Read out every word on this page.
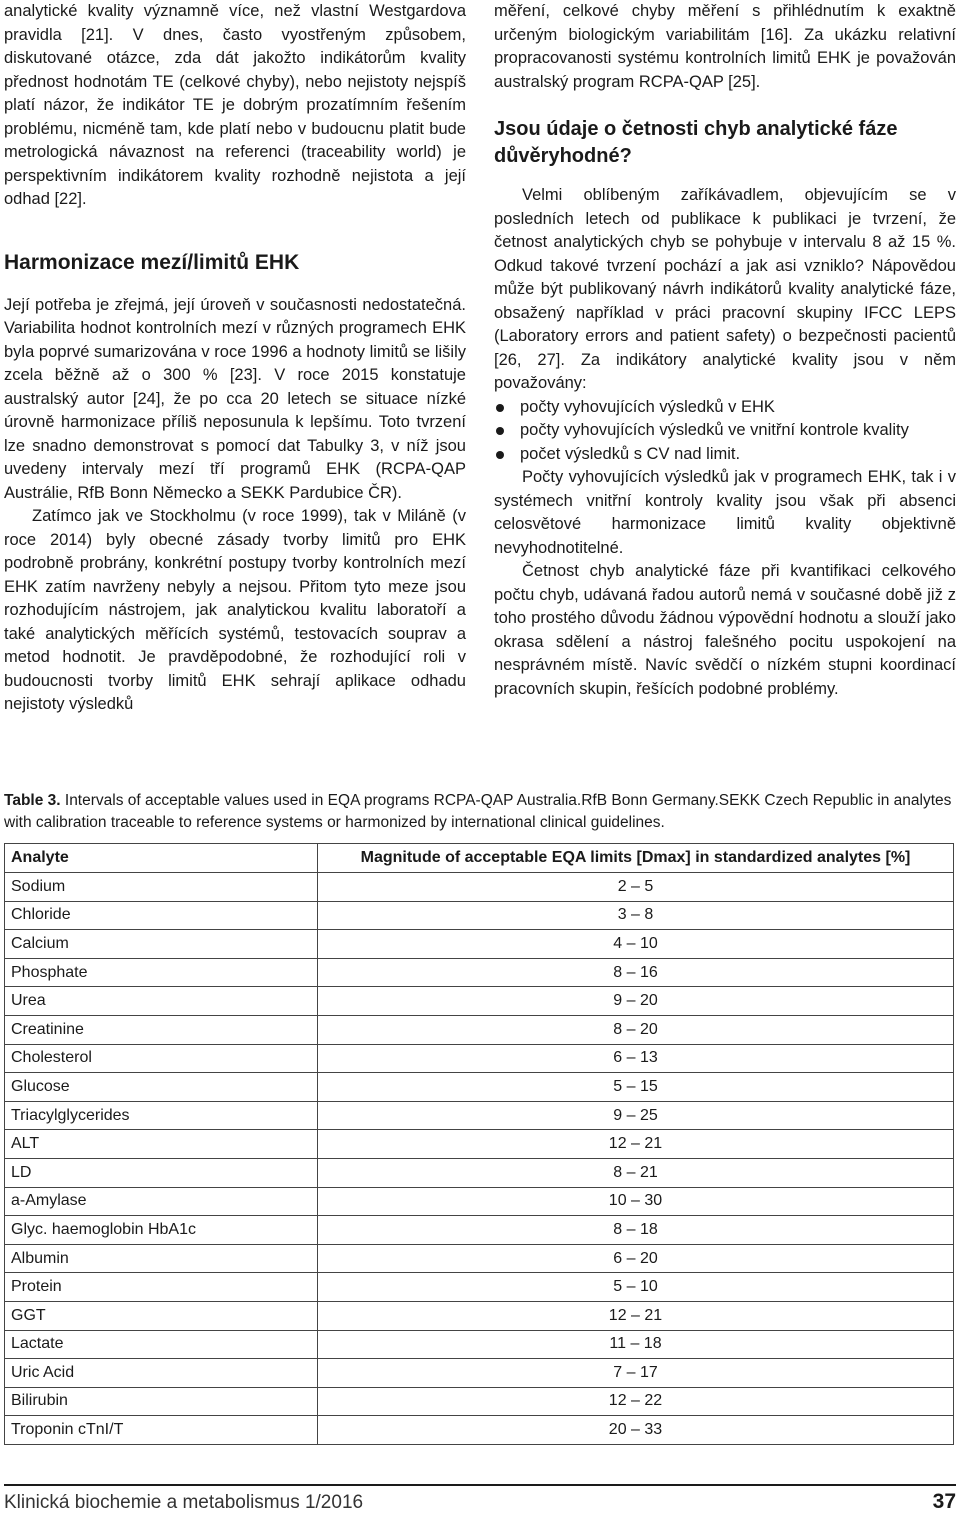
analytické kvality významně více, než vlastní Westgardova pravidla [21]. V dnes, často vyostřeným způsobem, diskutované otázce, zda dát jakožto indikátorům kvality přednost hodnotám TE (celkové chyby), nebo nejistoty nejspíš platí názor, že indikátor TE je dobrým prozatímním řešením problému, nicméně tam, kde platí nebo v budoucnu platit bude metrologická návaznost na referenci (traceability world) je perspektivním indikátorem kvality rozhodně nejistota a její odhad [22].

Harmonizace mezí/limitů EHK

Její potřeba je zřejmá, její úroveň v současnosti nedostatečná. Variabilita hodnot kontrolních mezí v různých programech EHK byla poprvé sumarizována v roce 1996 a hodnoty limitů se lišily zcela běžně až o 300 % [23]. V roce 2015 konstatuje australský autor [24], že po cca 20 letech se situace nízké úrovně harmonizace příliš neposunula k lepšímu. Toto tvrzení lze snadno demonstrovat s pomocí dat Tabulky 3, v níž jsou uvedeny intervaly mezí tří programů EHK (RCPA-QAP Austrálie, RfB Bonn Německo a SEKK Pardubice ČR).

Zatímco jak ve Stockholmu (v roce 1999), tak v Miláně (v roce 2014) byly obecné zásady tvorby limitů pro EHK podrobně probrány, konkrétní postupy tvorby kontrolních mezí EHK zatím navrženy nebyly a nejsou. Přitom tyto meze jsou rozhodujícím nástrojem, jak analytickou kvalitu laboratoří a také analytických měřících systémů, testovacích souprav a metod hodnotit. Je pravděpodobné, že rozhodující roli v budoucnosti tvorby limitů EHK sehrají aplikace odhadu nejistoty výsledků

měření, celkové chyby měření s přihlédnutím k exaktně určeným biologickým variabilitám [16]. Za ukázku relativní propracovanosti systému kontrolních limitů EHK je považován australský program RCPA-QAP [25].

Jsou údaje o četnosti chyb analytické fáze důvěryhodné?

Velmi oblíbeným zaříkávadlem, objevujícím se v posledních letech od publikace k publikaci je tvrzení, že četnost analytických chyb se pohybuje v intervalu 8 až 15 %. Odkud takové tvrzení pochází a jak asi vzniklo? Nápovědou může být publikovaný návrh indikátorů kvality analytické fáze, obsažený například v práci pracovní skupiny IFCC LEPS (Laboratory errors and patient safety) o bezpečnosti pacientů [26, 27]. Za indikátory analytické kvality jsou v něm považovány:

počty vyhovujících výsledků v EHK
počty vyhovujících výsledků ve vnitřní kontrole kvality
počet výsledků s CV nad limit.

Počty vyhovujících výsledků jak v programech EHK, tak i v systémech vnitřní kontroly kvality jsou však při absenci celosvětové harmonizace limitů kvality objektivně nevyhodnotitelné.

Četnost chyb analytické fáze při kvantifikaci celkového počtu chyb, udávaná řadou autorů nemá v současné době již z toho prostého důvodu žádnou výpovědní hodnotu a slouží jako okrasa sdělení a nástroj falešného pocitu uspokojení na nesprávném místě. Navíc svědčí o nízkém stupni koordinací pracovních skupin, řešících podobné problémy.

Table 3. Intervals of acceptable values used in EQA programs RCPA-QAP Australia.RfB Bonn Germany.SEKK Czech Republic in analytes with calibration traceable to reference systems or harmonized by international clinical guidelines.
Analyte	Magnitude of acceptable EQA limits [Dmax] in standardized analytes [%]
Sodium	2 – 5
Chloride	3 – 8
Calcium	4 – 10
Phosphate	8 – 16
Urea	9 – 20
Creatinine	8 – 20
Cholesterol	6 – 13
Glucose	5 – 15
Triacylglycerides	9 – 25
ALT	12 – 21
LD	8 – 21
a-Amylase	10 – 30
Glyc. haemoglobin HbA1c	8 – 18
Albumin	6 – 20
Protein	5 – 10
GGT	12 – 21
Lactate	11 – 18
Uric Acid	7 – 17
Bilirubin	12 – 22
Troponin cTnI/T	20 – 33
Klinická biochemie a metabolismus 1/2016	37
